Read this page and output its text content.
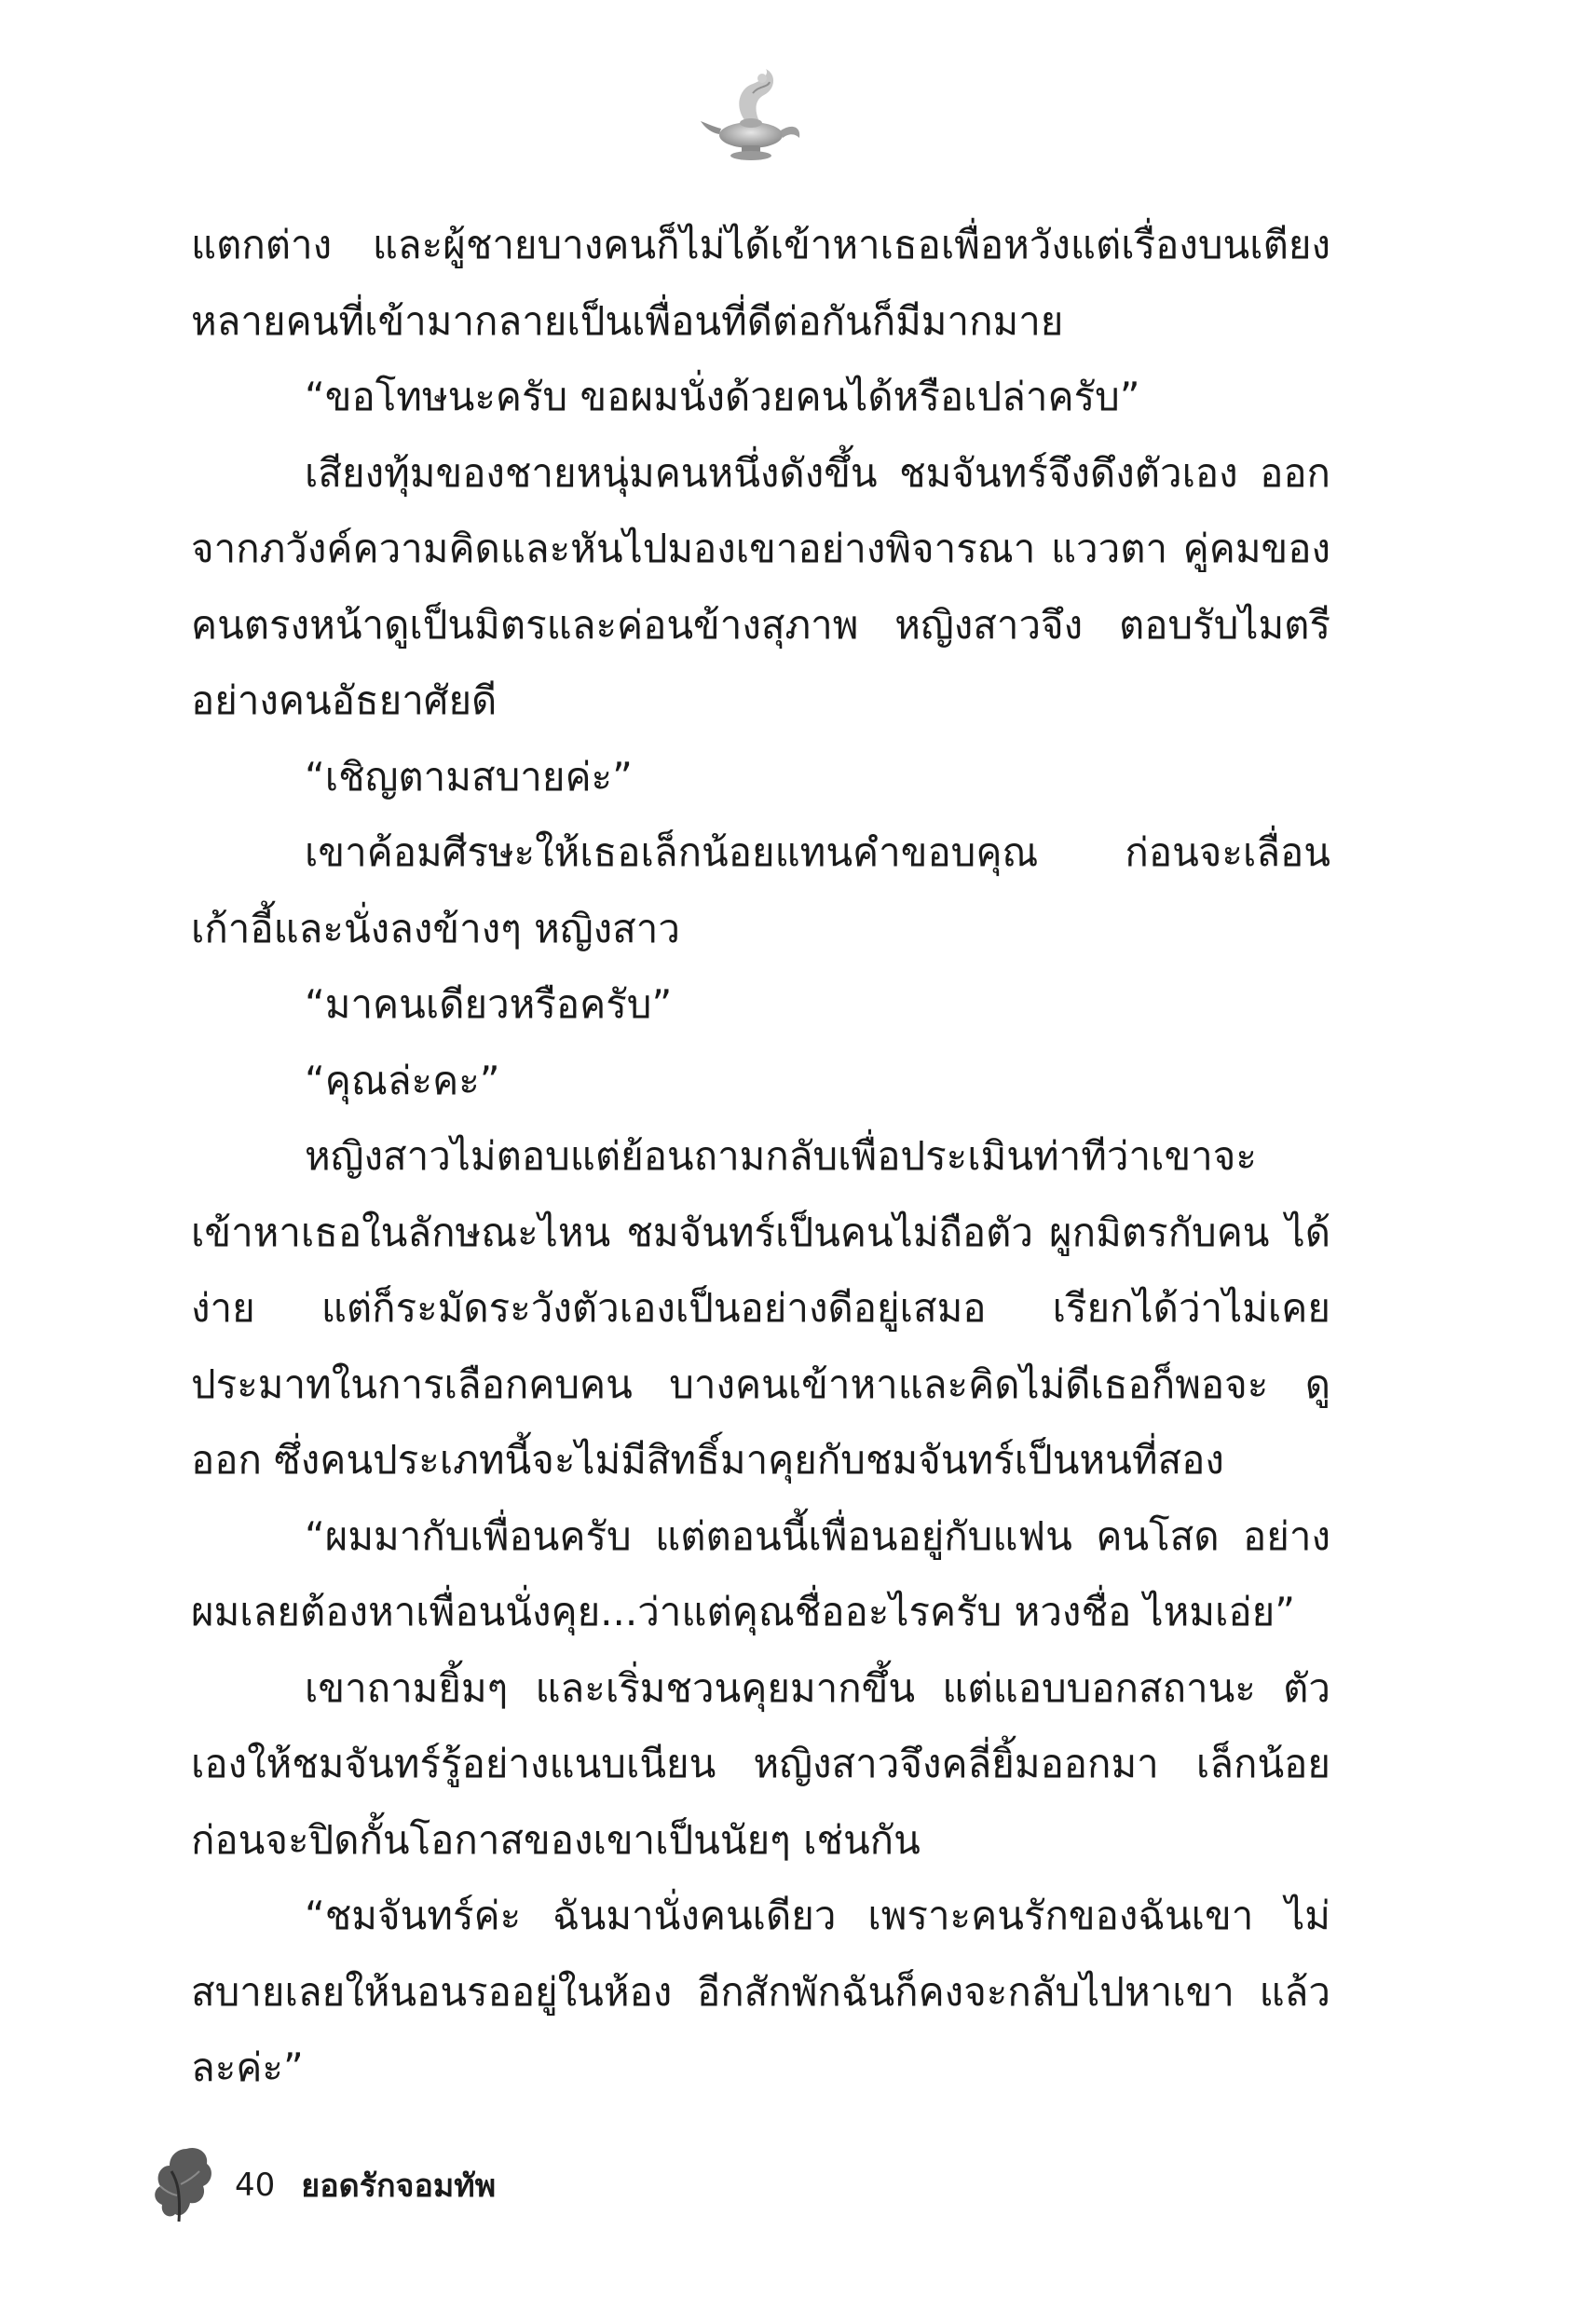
แตกต่าง และผู้ชายบางคนก็ไม่ได้เข้าหาเธอเพื่อหวังแต่เรื่องบนเตียง หลายคนที่เข้ามากลายเป็นเพื่อนที่ดีต่อกันก็มีมากมาย

“ขอโทษนะครับ ขอผมนั่งด้วยคนได้หรือเปล่าครับ”

เสียงทุ้มของชายหนุ่มคนหนึ่งดังขึ้น ชมจันทร์จึงดึงตัวเอง ออกจากภวังค์ความคิดและหันไปมองเขาอย่างพิจารณา แววตา คู่คมของคนตรงหน้าดูเป็นมิตรและค่อนข้างสุภาพ หญิงสาวจึง ตอบรับไมตรีอย่างคนอัธยาศัยดี

“เชิญตามสบายค่ะ”

เขาค้อมศีรษะให้เธอเล็กน้อยแทนคำขอบคุณ ก่อนจะเลื่อน เก้าอี้และนั่งลงข้างๆ หญิงสาว

“มาคนเดียวหรือครับ”

“คุณล่ะคะ”

หญิงสาวไม่ตอบแต่ย้อนถามกลับเพื่อประเมินท่าทีว่าเขาจะ เข้าหาเธอในลักษณะไหน ชมจันทร์เป็นคนไม่ถือตัว ผูกมิตรกับคน ได้ง่าย แต่ก็ระมัดระวังตัวเองเป็นอย่างดีอยู่เสมอ เรียกได้ว่าไม่เคย ประมาทในการเลือกคบคน บางคนเข้าหาและคิดไม่ดีเธอก็พอจะ ดูออก ซึ่งคนประเภทนี้จะไม่มีสิทธิ์มาคุยกับชมจันทร์เป็นหนที่สอง

“ผมมากับเพื่อนครับ แต่ตอนนี้เพื่อนอยู่กับแฟน คนโสด อย่างผมเลยต้องหาเพื่อนนั่งคุย...ว่าแต่คุณชื่ออะไรครับ หวงชื่อ ไหมเอ่ย”

เขาถามยิ้มๆ และเริ่มชวนคุยมากขึ้น แต่แอบบอกสถานะ ตัวเองให้ชมจันทร์รู้อย่างแนบเนียน หญิงสาวจึงคลี่ยิ้มออกมา เล็กน้อย ก่อนจะปิดกั้นโอกาสของเขาเป็นนัยๆ เช่นกัน

“ชมจันทร์ค่ะ ฉันมานั่งคนเดียว เพราะคนรักของฉันเขา ไม่สบายเลยให้นอนรออยู่ในห้อง อีกสักพักฉันก็คงจะกลับไปหาเขา แล้วละค่ะ”

40 ยอดรักจอมทัพ
